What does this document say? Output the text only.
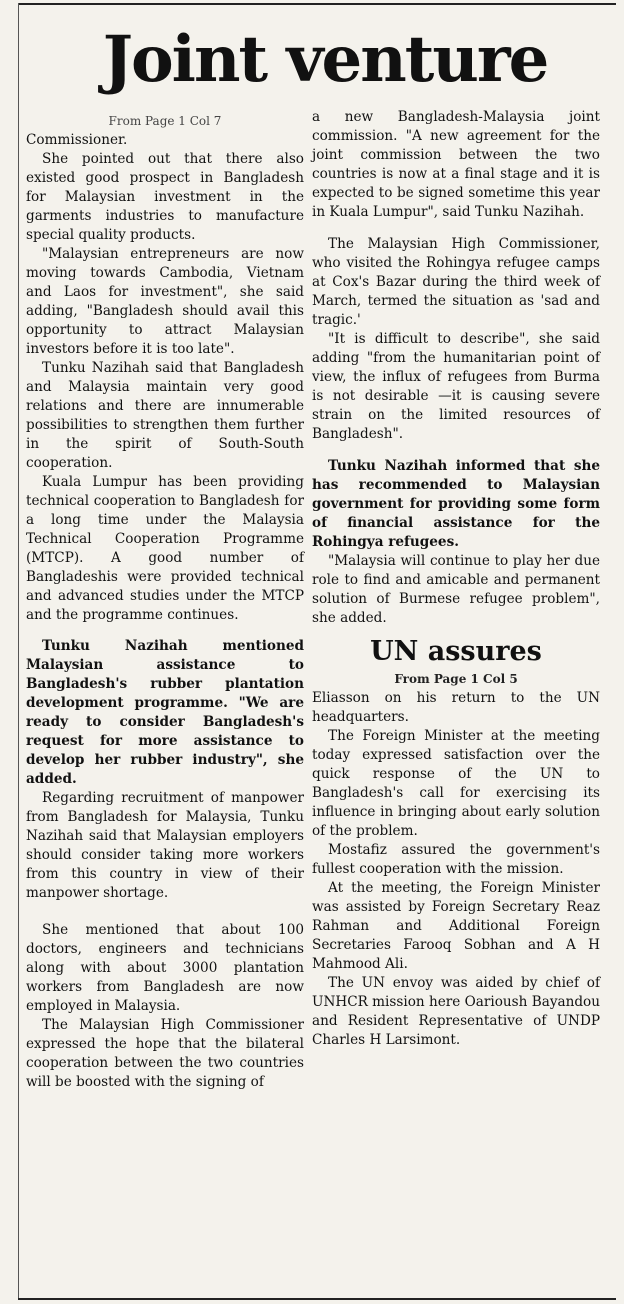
Joint venture
From Page 1 Col 7

Commissioner.

She pointed out that there also existed good prospect in Bangladesh for Malaysian investment in the garments industries to manufacture special quality products.

"Malaysian entrepreneurs are now moving towards Cambodia, Vietnam and Laos for investment", she said adding, "Bangladesh should avail this opportunity to attract Malaysian investors before it is too late".

Tunku Nazihah said that Bangladesh and Malaysia maintain very good relations and there are innumerable possibilities to strengthen them further in the spirit of South-South cooperation.

Kuala Lumpur has been providing technical cooperation to Bangladesh for a long time under the Malaysia Technical Cooperation Programme (MTCP). A good number of Bangladeshis were provided technical and advanced studies under the MTCP and the programme continues.

Tunku Nazihah mentioned Malaysian assistance to Bangladesh's rubber plantation development programme. "We are ready to consider Bangladesh's request for more assistance to develop her rubber industry", she added.

Regarding recruitment of manpower from Bangladesh for Malaysia, Tunku Nazihah said that Malaysian employers should consider taking more workers from this country in view of their manpower shortage.

She mentioned that about 100 doctors, engineers and technicians along with about 3000 plantation workers from Bangladesh are now employed in Malaysia.

The Malaysian High Commissioner expressed the hope that the bilateral cooperation between the two countries will be boosted with the signing of

a new Bangladesh-Malaysia joint commission. "A new agreement for the joint commission between the two countries is now at a final stage and it is expected to be signed sometime this year in Kuala Lumpur", said Tunku Nazihah.

The Malaysian High Commissioner, who visited the Rohingya refugee camps at Cox's Bazar during the third week of March, termed the situation as 'sad and tragic.'

"It is difficult to describe", she said adding "from the humanitarian point of view, the influx of refugees from Burma is not desirable —it is causing severe strain on the limited resources of Bangladesh".

Tunku Nazihah informed that she has recommended to Malaysian government for providing some form of financial assistance for the Rohingya refugees.

"Malaysia will continue to play her due role to find and amicable and permanent solution of Burmese refugee problem", she added.

UN assures
From Page 1 Col 5

Eliasson on his return to the UN headquarters.

The Foreign Minister at the meeting today expressed satisfaction over the quick response of the UN to Bangladesh's call for exercising its influence in bringing about early solution of the problem.

Mostafiz assured the government's fullest cooperation with the mission.

At the meeting, the Foreign Minister was assisted by Foreign Secretary Reaz Rahman and Additional Foreign Secretaries Farooq Sobhan and A H Mahmood Ali.

The UN envoy was aided by chief of UNHCR mission here Oarioush Bayandou and Resident Representative of UNDP Charles H Larsimont.
